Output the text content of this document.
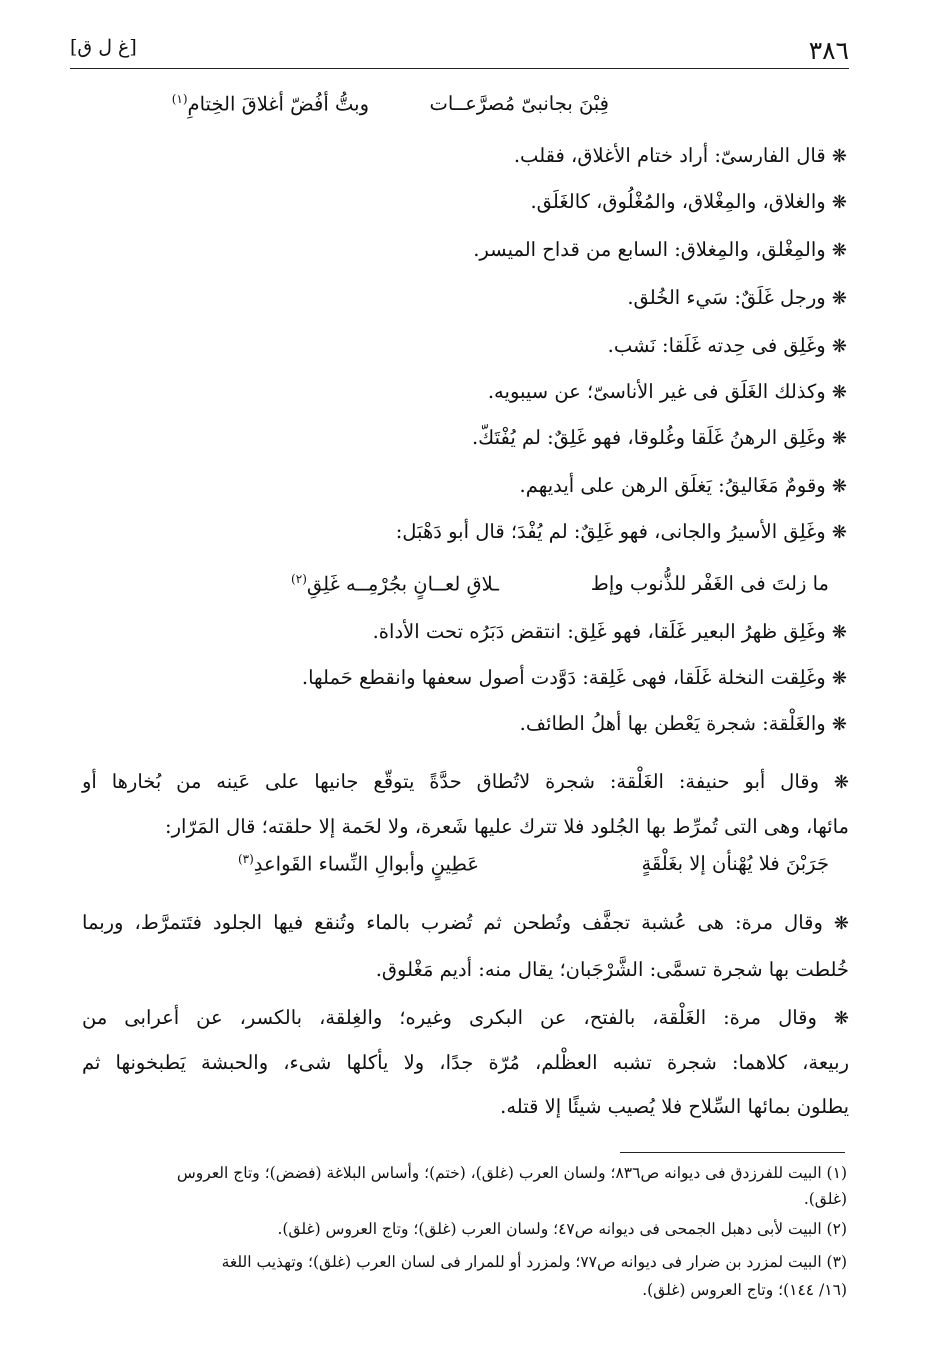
٣٨٦
[غ ل ق]
فِبْنَ بجانبىّ مُصرَّعــات
وبتُّ أفُضّ أغلاقَ الخِتامِ$^{(١)}$
❋ قال الفارسىّ: أراد ختام الأغلاق، فقلب.
❋ والغلاق، والمِغْلاق، والمُغْلُوق، كالغَلَق.
❋ والمِغْلق، والمِغلاق: السابع من قداح الميسر.
❋ ورجل غَلَقٌ: سَيء الخُلق.
❋ وغَلِق فى حِدته غَلَقا: نَشب.
❋ وكذلك الغَلَق فى غير الأناسىّ؛ عن سيبويه.
❋ وغَلِق الرهنُ غَلَقا وغُلوقا، فهو غَلِقٌ: لم يُفْتَكّ.
❋ وقومٌ مَغَاليقُ: يَغلَق الرهن على أيديهم.
❋ وغَلِق الأسيرُ والجانى، فهو غَلِقٌ: لم يُفْدَ؛ قال أبو دَهْبَل:
ما زلتَ فى الغَفْر للذُّنوب وإط
ـلاقِ لعــانٍ بجُرْمِــه غَلِقِ$^{(٢)}$
❋ وغَلِق ظهرُ البعير غَلَقا، فهو غَلِق: انتقض دَبَرُه تحت الأداة.
❋ وغَلِقت النخلة غَلَقا، فهى غَلِقة: دَوَّدت أصول سعفها وانقطع حَملها.
❋ والغَلْقة: شجرة يَعْطن بها أهلُ الطائف.
❋ وقال أبو حنيفة: الغَلْقة: شجرة لاتُطاق حدَّةً يتوقّع جانيها على عَينه من بُخارها أو
مائها، وهى التى تُمرِّط بها الجُلود فلا تترك عليها شَعرة، ولا لحَمة إلا حلقته؛ قال المَرّار:
جَرَبْنَ فلا يُهْنأن إلا بغَلْقَةٍ
عَطِينٍ وأبوالِ النِّساء القَواعدِ$^{(٣)}$
❋ وقال مرة: هى عُشبة تجفَّف وتُطحن ثم تُضرب بالماء وتُنقع فيها الجلود فتَتمرَّط، وربما
خُلطت بها شجرة تسمَّى: الشَّرْجَبان؛ يقال منه: أديم مَغْلوق.
❋ وقال مرة: الغَلْقة، بالفتح، عن البكرى وغيره؛ والغِلقة، بالكسر، عن أعرابى من
ربيعة، كلاهما: شجرة تشبه العظْلم، مُرّة جدًا، ولا يأكلها شىء، والحبشة يَطبخونها ثم
يطلون بمائها السِّلاح فلا يُصيب شيئًا إلا قتله.
(١) البيت للفرزدق فى ديوانه ص٨٣٦؛ ولسان العرب (غلق)، (ختم)؛ وأساس البلاغة (فضض)؛ وتاج العروس
(غلق).
(٢) البيت لأبى دهبل الجمحى فى ديوانه ص٤٧؛ ولسان العرب (غلق)؛ وتاج العروس (غلق).
(٣) البيت لمزرد بن ضرار فى ديوانه ص٧٧؛ ولمزرد أو للمرار فى لسان العرب (غلق)؛ وتهذيب اللغة
(١٦/ ١٤٤)؛ وتاج العروس (غلق).
